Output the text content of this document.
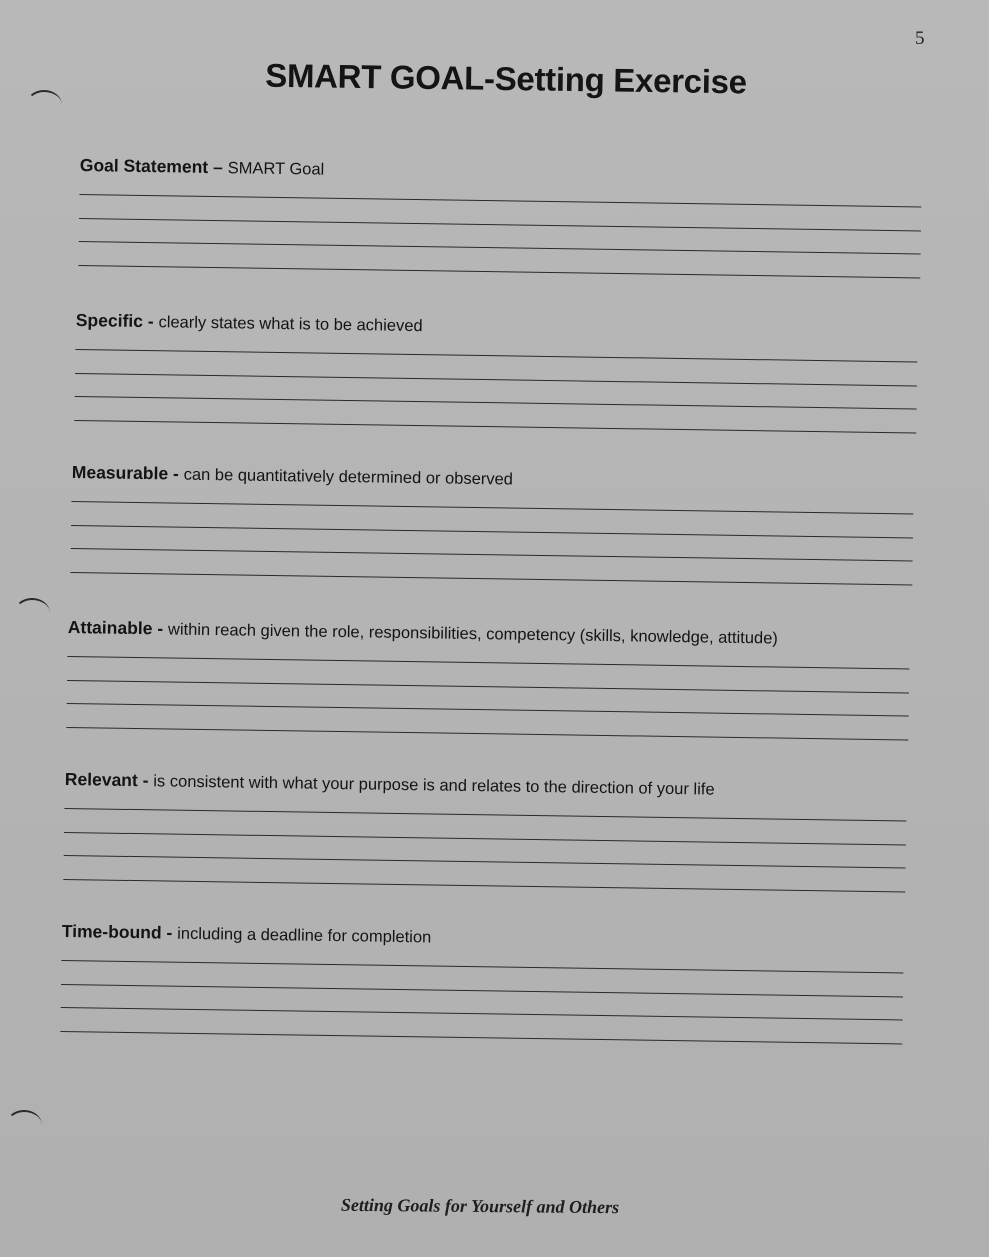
5
SMART GOAL-Setting Exercise
Goal Statement – SMART Goal
Specific - clearly states what is to be achieved
Measurable - can be quantitatively determined or observed
Attainable - within reach given the role, responsibilities, competency (skills, knowledge, attitude)
Relevant - is consistent with what your purpose is and relates to the direction of your life
Time-bound - including a deadline for completion
Setting Goals for Yourself and Others
